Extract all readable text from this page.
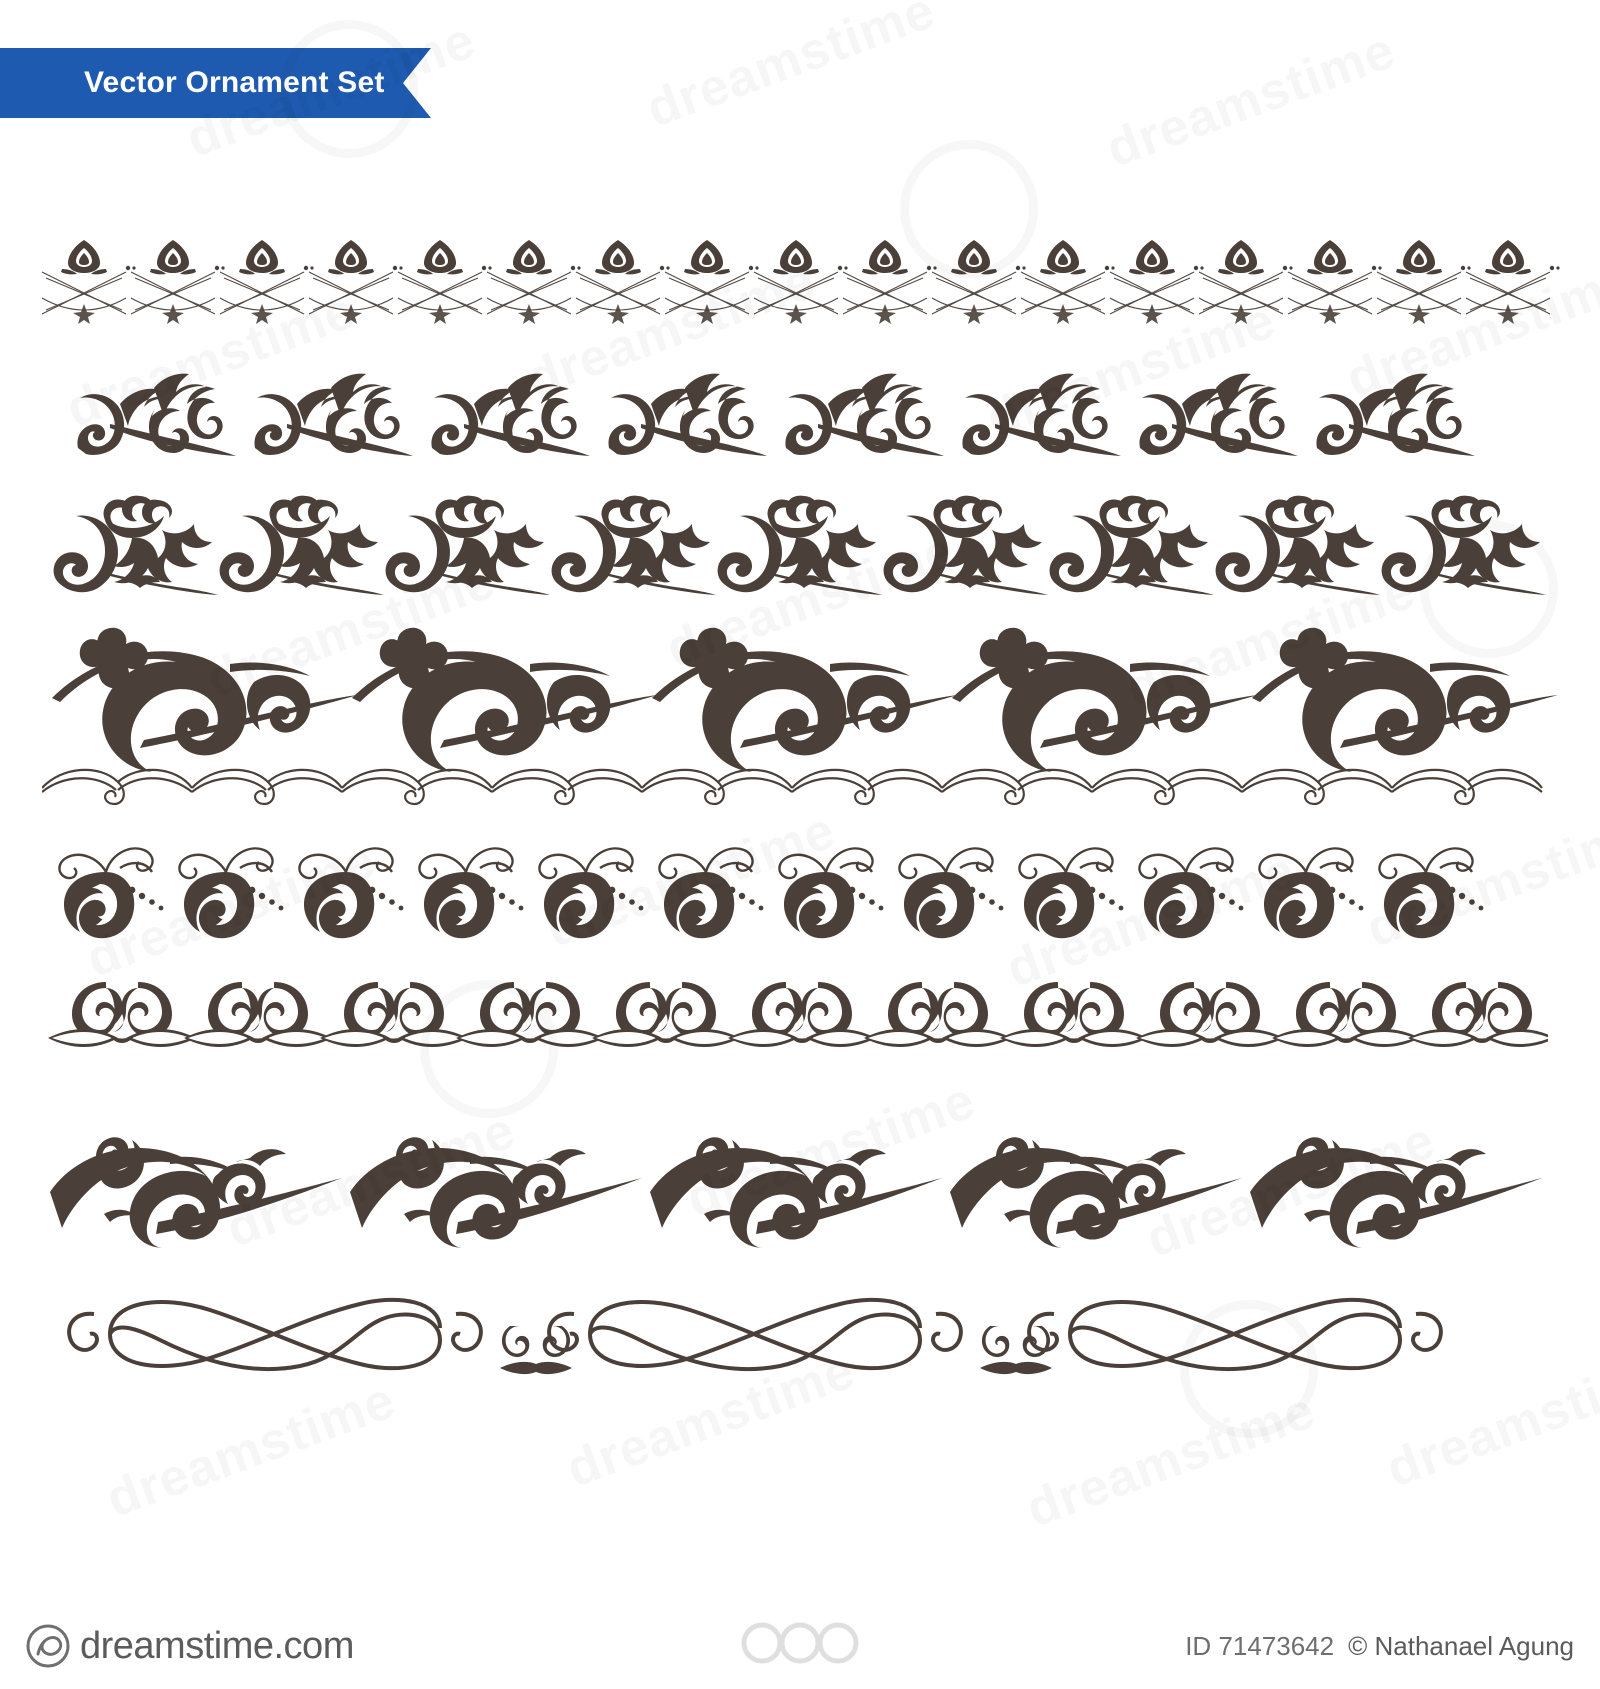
Vector Ornament Set
dreamstime.com	ID 71473642 © Nathanael Agung
